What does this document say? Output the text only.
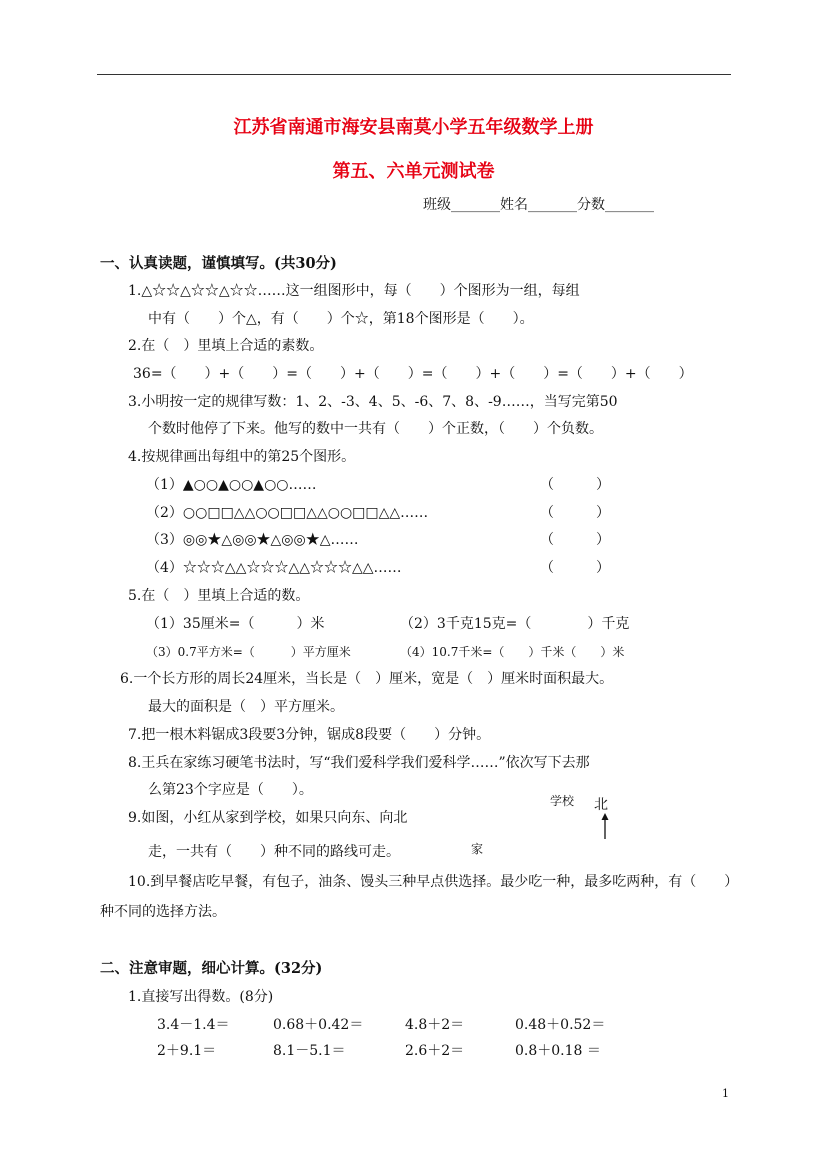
江苏省南通市海安县南莫小学五年级数学上册
第五、六单元测试卷
班级_______姓名_______分数_______
一、认真读题，谨慎填写。(共30分)
1.△☆☆△☆☆△☆☆……这一组图形中，每（　　）个图形为一组，每组
中有（　　）个△，有（　　）个☆，第18个图形是（　　）。
2.在（　）里填上合适的素数。
36=（　　）+（　　）=（　　）+（　　）=（　　）+（　　）=（　　）+（　　）
3.小明按一定的规律写数：1、2、-3、4、5、-6、7、8、-9……，当写完第50
个数时他停了下来。他写的数中一共有（　　）个正数，（　　）个负数。
4.按规律画出每组中的第25个图形。
（1）▲○○▲○○▲○○……	（　　　）
（2）○○□□△△○○□□△△○○□□△△……	（　　　）
（3）◎◎★△◎◎★△◎◎★△……	（　　　）
（4）☆☆☆△△☆☆☆△△☆☆☆△△……	（　　　）
5.在（　）里填上合适的数。
（1）35厘米=（　　　）米	（2）3千克15克=（　　　　）千克
（3）0.7平方米=（　　　）平方厘米	（4）10.7千米=（　　）千米（　　）米
6.一个长方形的周长24厘米，当长是（　）厘米，宽是（　）厘米时面积最大。
最大的面积是（　）平方厘米。
7.把一根木料锯成3段要3分钟，锯成8段要（　　）分钟。
8.王兵在家练习硬笔书法时，写“我们爱科学我们爱科学……”依次写下去那
么第23个字应是（　　）。
9.如图，小红从家到学校，如果只向东、向北
走，一共有（　　）种不同的路线可走。
学校 北
家
10.到早餐店吃早餐，有包子，油条、馒头三种早点供选择。最少吃一种，最多吃两种，有（　　）
种不同的选择方法。
二、注意审题，细心计算。(32分)
1.直接写出得数。(8分)
3.4－1.4＝	0.68＋0.42＝	4.8＋2＝	0.48＋0.52＝
2＋9.1＝	8.1－5.1＝	2.6＋2＝	0.8＋0.18 ＝
1
